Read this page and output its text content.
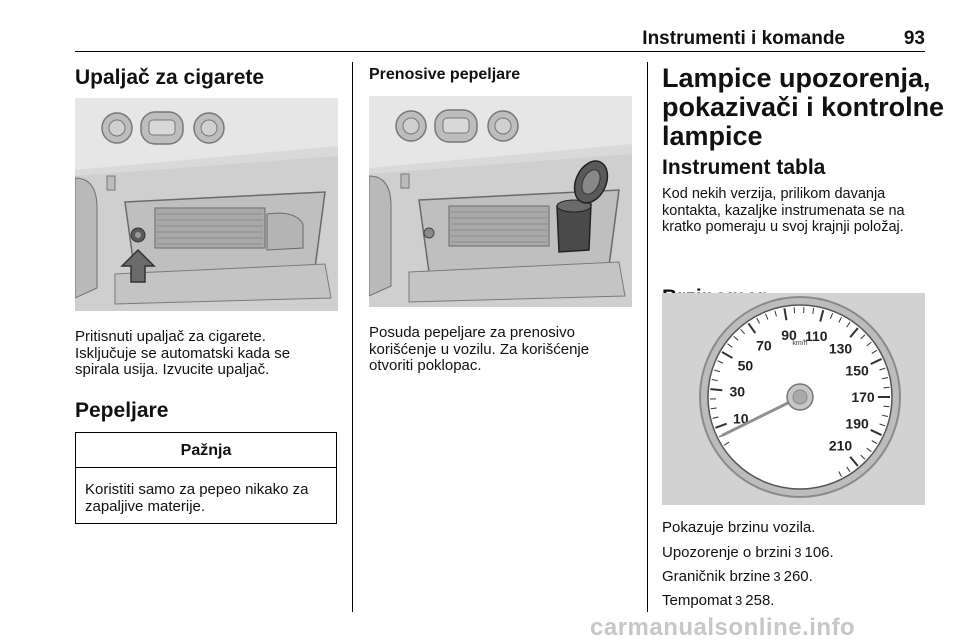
Instrumenti i komande	93
Upaljač za cigarete

Pritisnuti upaljač za cigarete.
Isključuje se automatski kada se
spirala usija. Izvucite upaljač.

Pepeljare
Pažnja
Koristiti samo za pepeo nikako za
zapaljive materije.
Prenosive pepeljare

Posuda pepeljare za prenosivo
korišćenje u vozilu. Za korišćenje
otvoriti poklopac.

Lampice upozorenja,
pokazivači i kontrolne
lampice
Instrument tabla

Kod nekih verzija, prilikom davanja
kontakta, kazaljke instrumenata se na
kratko pomeraju u svoj krajnji položaj.

10
30
50
70
90 110
130
150
170
190
210
km/h

Pokazuje brzinu vozila.

Upozorenje o brzini 3 106.
Graničnik brzine 3 260.
Tempomat 3 258.
carmanualsonline.info
